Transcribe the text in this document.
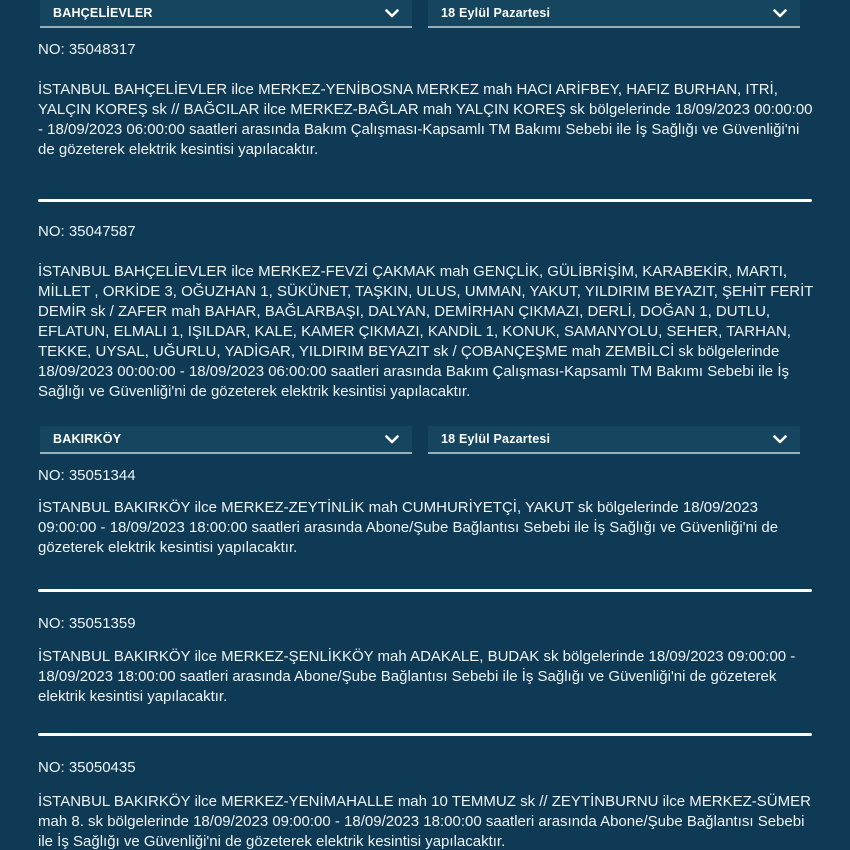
BAHÇELİEVLER	18 Eylül Pazartesi
NO: 35048317
İSTANBUL BAHÇELİEVLER ilce MERKEZ-YENİBOSNA MERKEZ mah HACI ARİFBEY, HAFIZ BURHAN, ITRİ, YALÇIN KOREŞ sk // BAĞCILAR ilce MERKEZ-BAĞLAR mah YALÇIN KOREŞ sk bölgelerinde 18/09/2023 00:00:00 - 18/09/2023 06:00:00 saatleri arasında Bakım Çalışması-Kapsamlı TM Bakımı Sebebi ile İş Sağlığı ve Güvenliği'ni de gözeterek elektrik kesintisi yapılacaktır.
NO: 35047587
İSTANBUL BAHÇELİEVLER ilce MERKEZ-FEVZİ ÇAKMAK mah GENÇLİK, GÜLİBRİŞİM, KARABEKİR, MARTI, MİLLET , ORKİDE 3, OĞUZHAN 1, SÜKÜNET, TAŞKIN, ULUS, UMMAN, YAKUT, YILDIRIM BEYAZIT, ŞEHİT FERİT DEMİR sk / ZAFER mah BAHAR, BAĞLARBAŞI, DALYAN, DEMİRHAN ÇIKMAZI, DERLİ, DOĞAN 1, DUTLU, EFLATUN, ELMALI 1, IŞILDAR, KALE, KAMER ÇIKMAZI, KANDİL 1, KONUK, SAMANYOLU, SEHER, TARHAN, TEKKE, UYSAL, UĞURLU, YADİGAR, YILDIRIM BEYAZIT sk / ÇOBANÇEŞME mah ZEMBİLCİ sk bölgelerinde 18/09/2023 00:00:00 - 18/09/2023 06:00:00 saatleri arasında Bakım Çalışması-Kapsamlı TM Bakımı Sebebi ile İş Sağlığı ve Güvenliği'ni de gözeterek elektrik kesintisi yapılacaktır.
BAKIRKÖY	18 Eylül Pazartesi
NO: 35051344
İSTANBUL BAKIRKÖY ilce MERKEZ-ZEYTİNLİK mah CUMHURİYETÇİ, YAKUT sk bölgelerinde 18/09/2023 09:00:00 - 18/09/2023 18:00:00 saatleri arasında Abone/Şube Bağlantısı Sebebi ile İş Sağlığı ve Güvenliği'ni de gözeterek elektrik kesintisi yapılacaktır.
NO: 35051359
İSTANBUL BAKIRKÖY ilce MERKEZ-ŞENLİKKÖY mah ADAKALE, BUDAK sk bölgelerinde 18/09/2023 09:00:00 - 18/09/2023 18:00:00 saatleri arasında Abone/Şube Bağlantısı Sebebi ile İş Sağlığı ve Güvenliği'ni de gözeterek elektrik kesintisi yapılacaktır.
NO: 35050435
İSTANBUL BAKIRKÖY ilce MERKEZ-YENİMAHALLE mah 10 TEMMUZ sk // ZEYTİNBURNU ilce MERKEZ-SÜMER mah 8. sk bölgelerinde 18/09/2023 09:00:00 - 18/09/2023 18:00:00 saatleri arasında Abone/Şube Bağlantısı Sebebi ile İş Sağlığı ve Güvenliği'ni de gözeterek elektrik kesintisi yapılacaktır.
